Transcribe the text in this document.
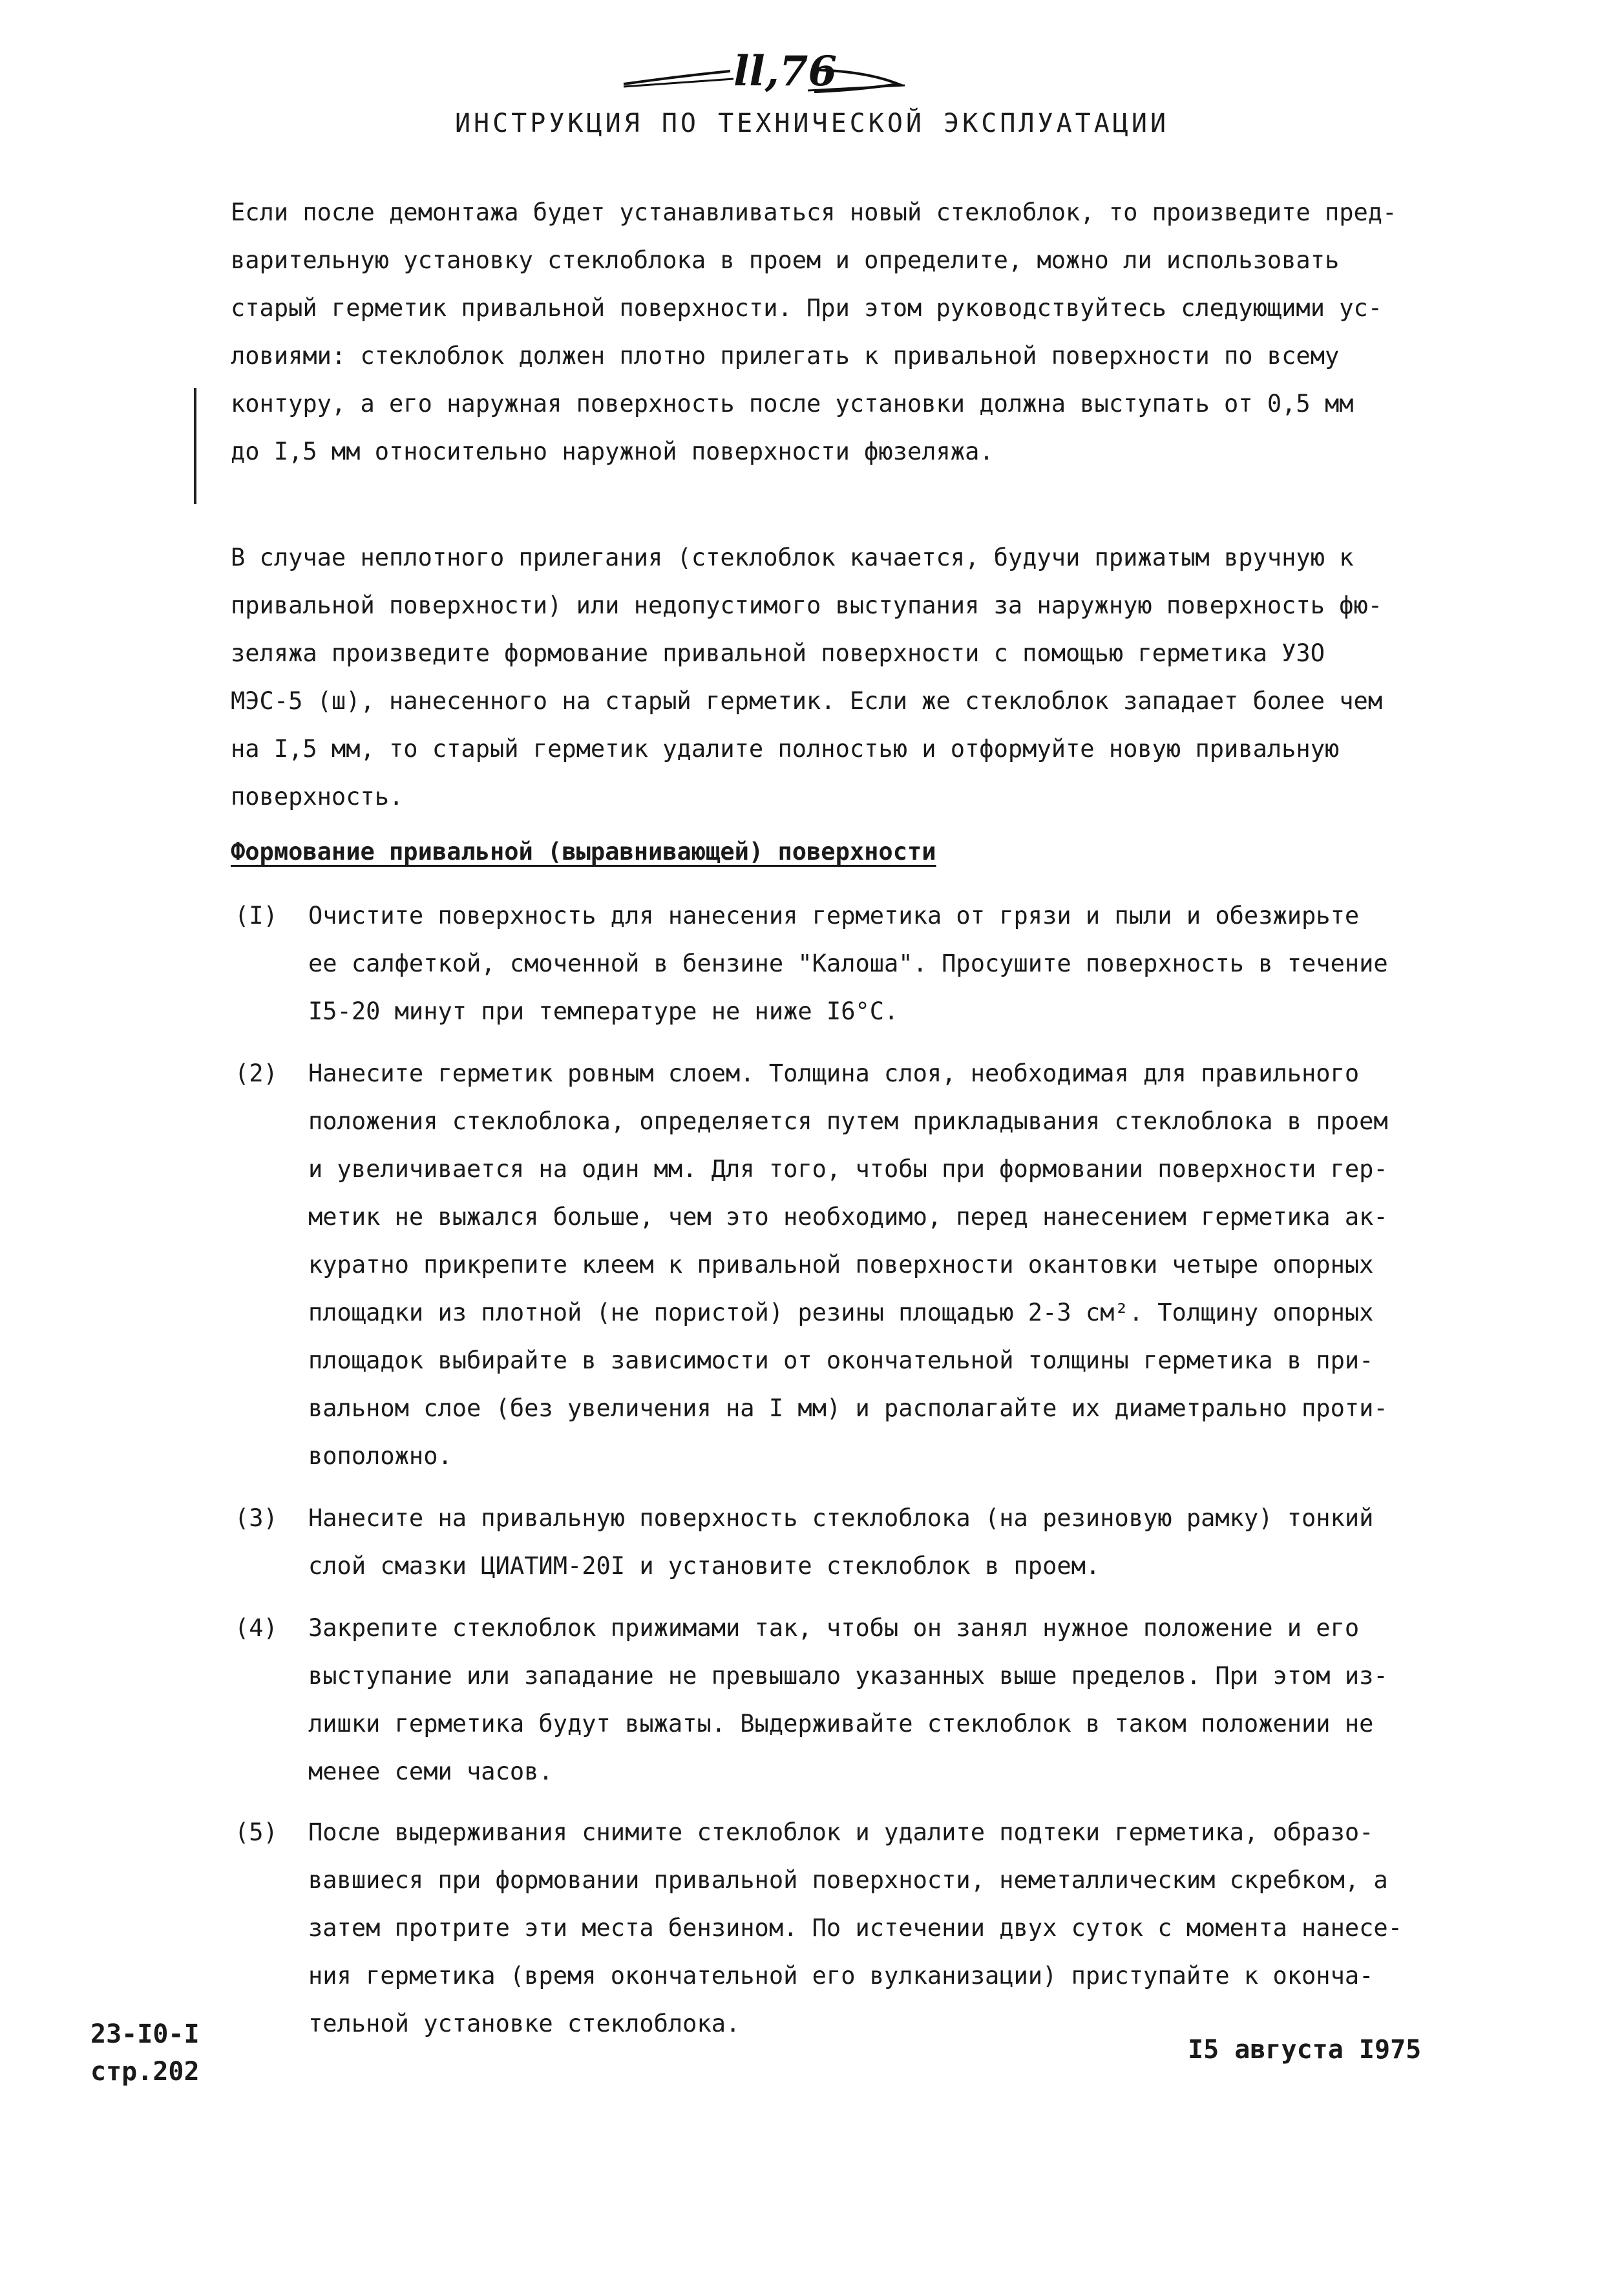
ll,76
ИНСТРУКЦИЯ ПО ТЕХНИЧЕСКОЙ ЭКСПЛУАТАЦИИ
Если после демонтажа будет устанавливаться новый стеклоблок, то произведите пред-
варительную установку стеклоблока в проем и определите, можно ли использовать
старый герметик привальной поверхности. При этом руководствуйтесь следующими ус-
ловиями: стеклоблок должен плотно прилегать к привальной поверхности по всему
контуру, а его наружная поверхность после установки должна выступать от 0,5 мм
до I,5 мм относительно наружной поверхности фюзеляжа.
В случае неплотного прилегания (стеклоблок качается, будучи прижатым вручную к
привальной поверхности) или недопустимого выступания за наружную поверхность фю-
зеляжа произведите формование привальной поверхности с помощью герметика УЗО
МЭС-5 (ш), нанесенного на старый герметик. Если же стеклоблок западает более чем
на I,5 мм, то старый герметик удалите полностью и отформуйте новую привальную
поверхность.
Формование привальной (выравнивающей) поверхности
(I) Очистите поверхность для нанесения герметика от грязи и пыли и обезжирьте
ее салфеткой, смоченной в бензине "Калоша". Просушите поверхность в течение
I5-20 минут при температуре не ниже I6°С.
(2) Нанесите герметик ровным слоем. Толщина слоя, необходимая для правильного
положения стеклоблока, определяется путем прикладывания стеклоблока в проем
и увеличивается на один мм. Для того, чтобы при формовании поверхности гер-
метик не выжался больше, чем это необходимо, перед нанесением герметика ак-
куратно прикрепите клеем к привальной поверхности окантовки четыре опорных
площадки из плотной (не пористой) резины площадью 2-3 см². Толщину опорных
площадок выбирайте в зависимости от окончательной толщины герметика в при-
вальном слое (без увеличения на I мм) и располагайте их диаметрально проти-
воположно.
(3) Нанесите на привальную поверхность стеклоблока (на резиновую рамку) тонкий
слой смазки ЦИАТИМ-20I и установите стеклоблок в проем.
(4) Закрепите стеклоблок прижимами так, чтобы он занял нужное положение и его
выступание или западание не превышало указанных выше пределов. При этом из-
лишки герметика будут выжаты. Выдерживайте стеклоблок в таком положении не
менее семи часов.
(5) После выдерживания снимите стеклоблок и удалите подтеки герметика, образо-
вавшиеся при формовании привальной поверхности, неметаллическим скребком, а
затем протрите эти места бензином. По истечении двух суток с момента нанесе-
ния герметика (время окончательной его вулканизации) приступайте к оконча-
тельной установке стеклоблока.
23-I0-I
стр.202
I5 августа I975
